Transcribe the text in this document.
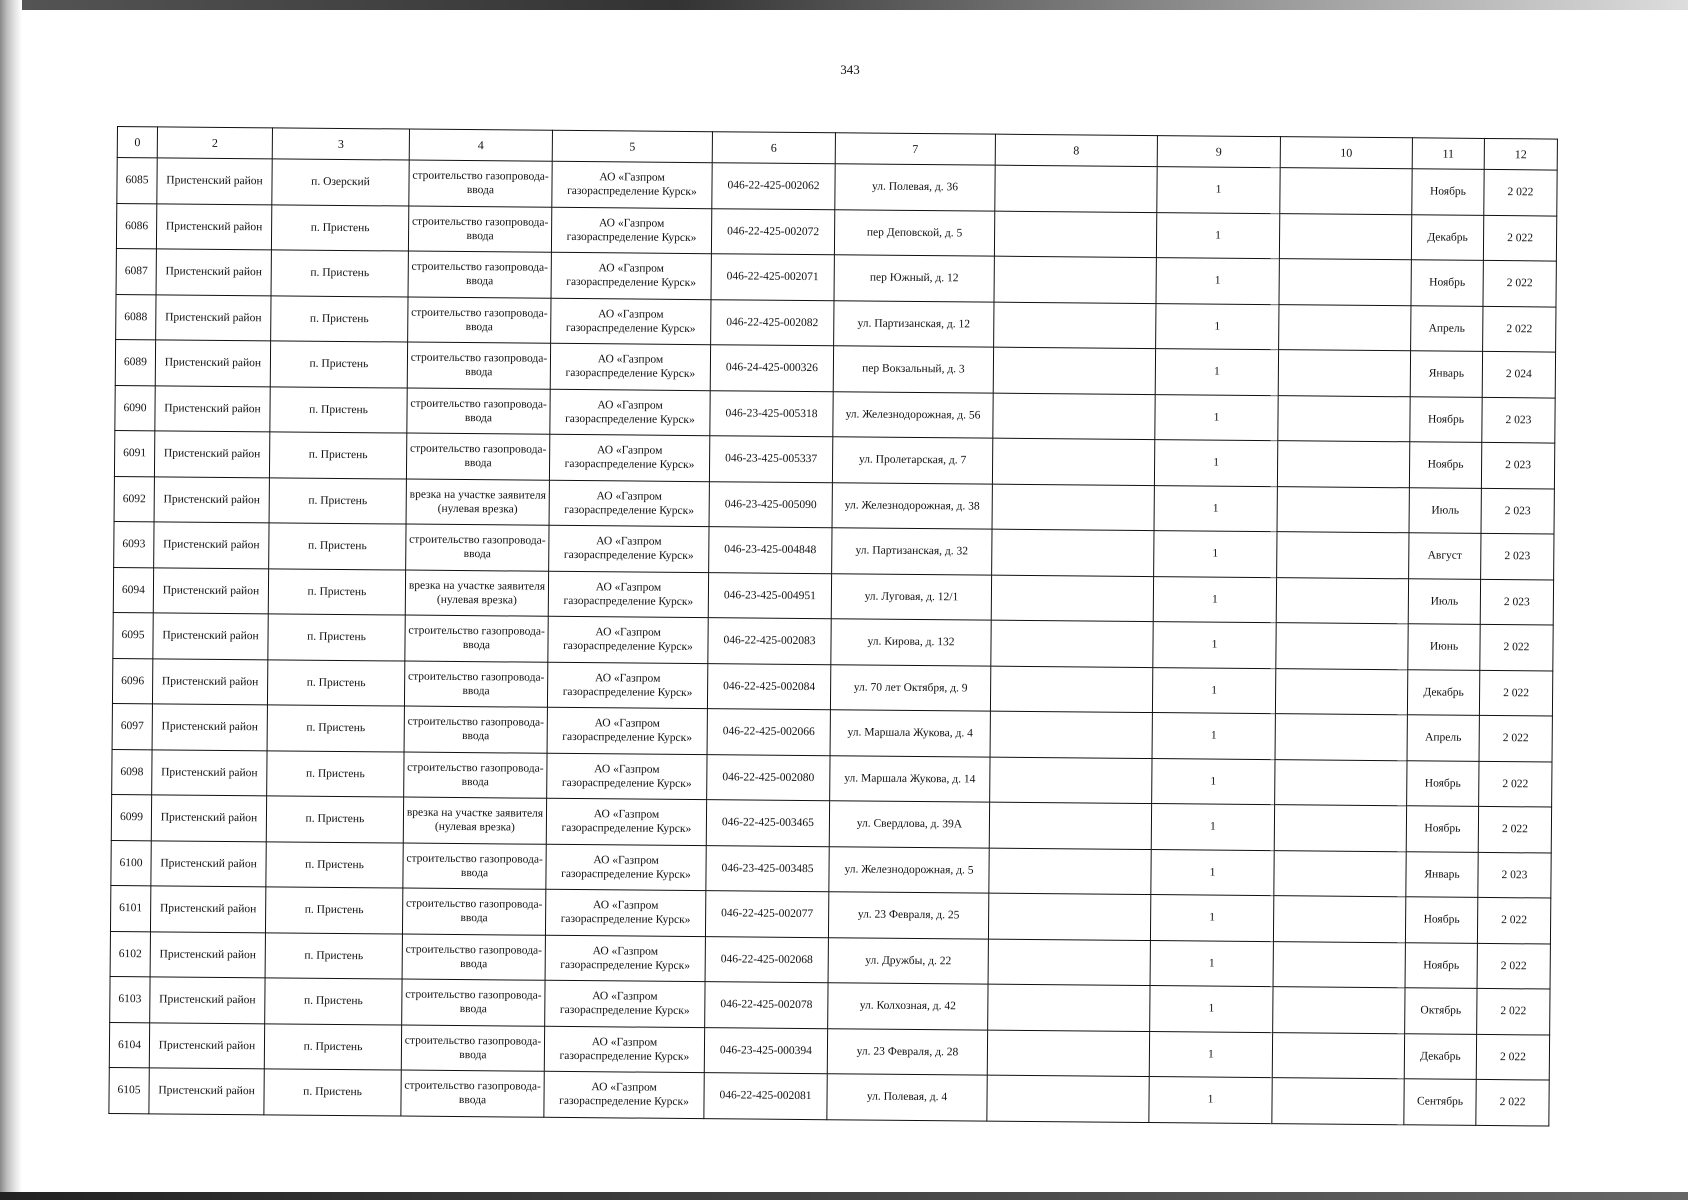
343
0	2	3	4	5	6	7	8	9	10	11	12
6085	Пристенский район	п. Озерский	строительство газопровода-ввода	АО «Газпром газораспределение Курск»	046-22-425-002062	ул. Полевая, д. 36		1		Ноябрь	2 022
6086	Пристенский район	п. Пристень	строительство газопровода-ввода	АО «Газпром газораспределение Курск»	046-22-425-002072	пер Деповской, д. 5		1		Декабрь	2 022
6087	Пристенский район	п. Пристень	строительство газопровода-ввода	АО «Газпром газораспределение Курск»	046-22-425-002071	пер Южный, д. 12		1		Ноябрь	2 022
6088	Пристенский район	п. Пристень	строительство газопровода-ввода	АО «Газпром газораспределение Курск»	046-22-425-002082	ул. Партизанская, д. 12		1		Апрель	2 022
6089	Пристенский район	п. Пристень	строительство газопровода-ввода	АО «Газпром газораспределение Курск»	046-24-425-000326	пер Вокзальный, д. 3		1		Январь	2 024
6090	Пристенский район	п. Пристень	строительство газопровода-ввода	АО «Газпром газораспределение Курск»	046-23-425-005318	ул. Железнодорожная, д. 56		1		Ноябрь	2 023
6091	Пристенский район	п. Пристень	строительство газопровода-ввода	АО «Газпром газораспределение Курск»	046-23-425-005337	ул. Пролетарская, д. 7		1		Ноябрь	2 023
6092	Пристенский район	п. Пристень	врезка на участке заявителя (нулевая врезка)	АО «Газпром газораспределение Курск»	046-23-425-005090	ул. Железнодорожная, д. 38		1		Июль	2 023
6093	Пристенский район	п. Пристень	строительство газопровода-ввода	АО «Газпром газораспределение Курск»	046-23-425-004848	ул. Партизанская, д. 32		1		Август	2 023
6094	Пристенский район	п. Пристень	врезка на участке заявителя (нулевая врезка)	АО «Газпром газораспределение Курск»	046-23-425-004951	ул. Луговая, д. 12/1		1		Июль	2 023
6095	Пристенский район	п. Пристень	строительство газопровода-ввода	АО «Газпром газораспределение Курск»	046-22-425-002083	ул. Кирова, д. 132		1		Июнь	2 022
6096	Пристенский район	п. Пристень	строительство газопровода-ввода	АО «Газпром газораспределение Курск»	046-22-425-002084	ул. 70 лет Октября, д. 9		1		Декабрь	2 022
6097	Пристенский район	п. Пристень	строительство газопровода-ввода	АО «Газпром газораспределение Курск»	046-22-425-002066	ул. Маршала Жукова, д. 4		1		Апрель	2 022
6098	Пристенский район	п. Пристень	строительство газопровода-ввода	АО «Газпром газораспределение Курск»	046-22-425-002080	ул. Маршала Жукова, д. 14		1		Ноябрь	2 022
6099	Пристенский район	п. Пристень	врезка на участке заявителя (нулевая врезка)	АО «Газпром газораспределение Курск»	046-22-425-003465	ул. Свердлова, д. 39А		1		Ноябрь	2 022
6100	Пристенский район	п. Пристень	строительство газопровода-ввода	АО «Газпром газораспределение Курск»	046-23-425-003485	ул. Железнодорожная, д. 5		1		Январь	2 023
6101	Пристенский район	п. Пристень	строительство газопровода-ввода	АО «Газпром газораспределение Курск»	046-22-425-002077	ул. 23 Февраля, д. 25		1		Ноябрь	2 022
6102	Пристенский район	п. Пристень	строительство газопровода-ввода	АО «Газпром газораспределение Курск»	046-22-425-002068	ул. Дружбы, д. 22		1		Ноябрь	2 022
6103	Пристенский район	п. Пристень	строительство газопровода-ввода	АО «Газпром газораспределение Курск»	046-22-425-002078	ул. Колхозная, д. 42		1		Октябрь	2 022
6104	Пристенский район	п. Пристень	строительство газопровода-ввода	АО «Газпром газораспределение Курск»	046-23-425-000394	ул. 23 Февраля, д. 28		1		Декабрь	2 022
6105	Пристенский район	п. Пристень	строительство газопровода-ввода	АО «Газпром газораспределение Курск»	046-22-425-002081	ул. Полевая, д. 4		1		Сентябрь	2 022
